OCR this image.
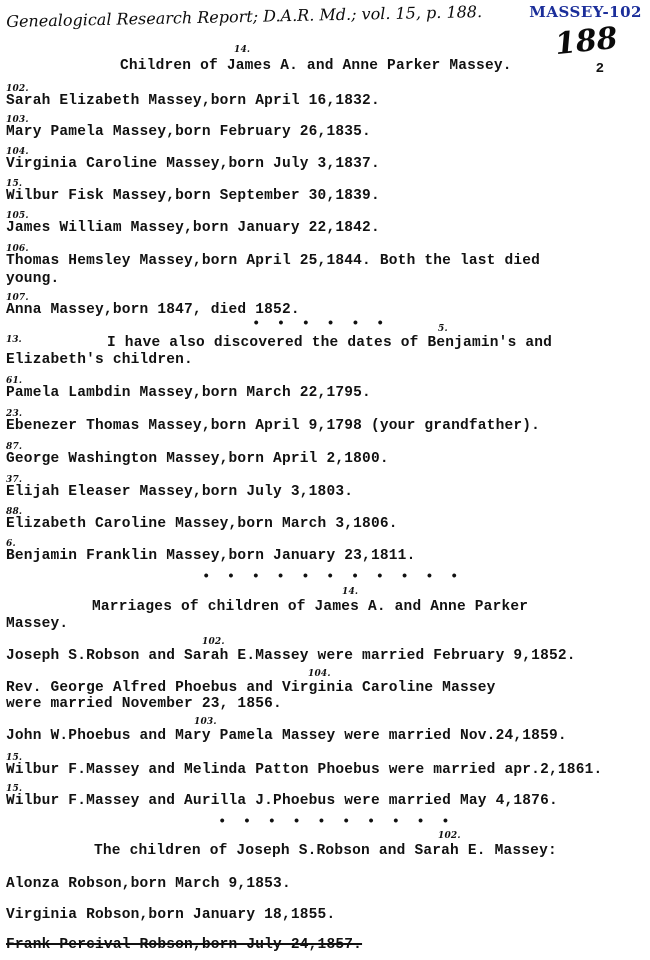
Genealogical Research Report; D.A.R. Md.; vol. 15, p. 188.	MASSEY-102
188
2
14.
Children of James A. and Anne Parker Massey.
102.
Sarah Elizabeth Massey,born April 16,1832.
103.
Mary Pamela Massey,born February 26,1835.
104.
Virginia Caroline Massey,born July 3,1837.
15.
Wilbur Fisk Massey,born September 30,1839.
105.
James William Massey,born January 22,1842.
106.
Thomas Hemsley Massey,born April 25,1844. Both the last died
young.
107.
Anna Massey,born 1847, died 1852.
• • • • • •	5.
I have also discovered the dates of Benjamin's and
13.
Elizabeth's children.
61.
Pamela Lambdin Massey,born March 22,1795.
23.
Ebenezer Thomas Massey,born April 9,1798 (your grandfather).
87.
George Washington Massey,born April 2,1800.
37.
Elijah Eleaser Massey,born July 3,1803.
88.
Elizabeth Caroline Massey,born March 3,1806.
6.
Benjamin Franklin Massey,born January 23,1811.
• • • • • • • • • • •
14.
Marriages of children of James A. and Anne Parker
Massey.
102.
Joseph S.Robson and Sarah E.Massey were married February 9,1852.
104.
Rev. George Alfred Phoebus and Virginia Caroline Massey
were married November 23, 1856.
103.
John W.Phoebus and Mary Pamela Massey were married Nov.24,1859.
15.
Wilbur F.Massey and Melinda Patton Phoebus were married apr.2,1861.
15.
Wilbur F.Massey and Aurilla J.Phoebus were married May 4,1876.
• • • • • • • • • •
102.
The children of Joseph S.Robson and Sarah E. Massey:
Alonza Robson,born March 9,1853.
Virginia Robson,born January 18,1855.
Frank Percival Robson,born July 24,1857.
